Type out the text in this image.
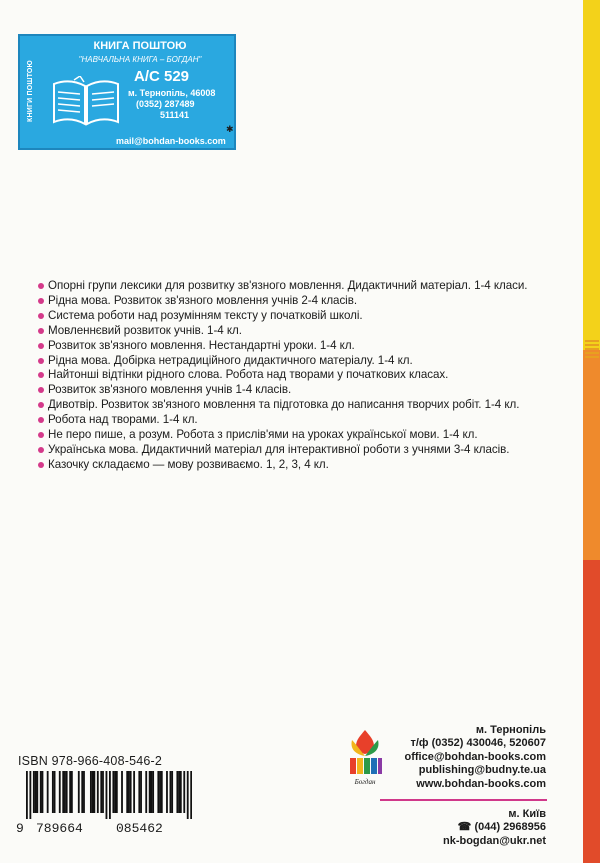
КНИГИ ПОШТОЮ
КНИГА ПОШТОЮ
"НАВЧАЛЬНА КНИГА – БОГДАН"
А/С 529
м. Тернопіль, 46008
(0352) 287489
511141
mail@bohdan-books.com
✱
Опорні групи лексики для розвитку зв'язного мовлення. Дидактичний матеріал. 1-4 класи.
Рідна мова. Розвиток зв'язного мовлення учнів 2-4 класів.
Система роботи над розумінням тексту у початковій школі.
Мовленнєвий розвиток учнів. 1-4 кл.
Розвиток зв'язного мовлення. Нестандартні уроки. 1-4 кл.
Рідна мова. Добірка нетрадиційного дидактичного матеріалу. 1-4 кл.
Найтонші відтінки рідного слова. Робота над творами у початкових класах.
Розвиток зв'язного мовлення учнів 1-4 класів.
Дивотвір. Розвиток зв'язного мовлення та підготовка до написання творчих робіт. 1-4 кл.
Робота над творами. 1-4 кл.
Не перо пише, а розум. Робота з прислів'ями на уроках української мови. 1-4 кл.
Українська мова. Дидактичний матеріал для інтерактивної роботи з учнями 3-4 класів.
Казочку складаємо — мову розвиваємо. 1, 2, 3, 4 кл.
ISBN 978-966-408-546-2
9 789664	085462
Богдан
м. Тернопіль
т/ф (0352) 430046, 520607
office@bohdan-books.com
publishing@budny.te.ua
www.bohdan-books.com
м. Київ
☎ (044) 2968956
nk-bogdan@ukr.net
